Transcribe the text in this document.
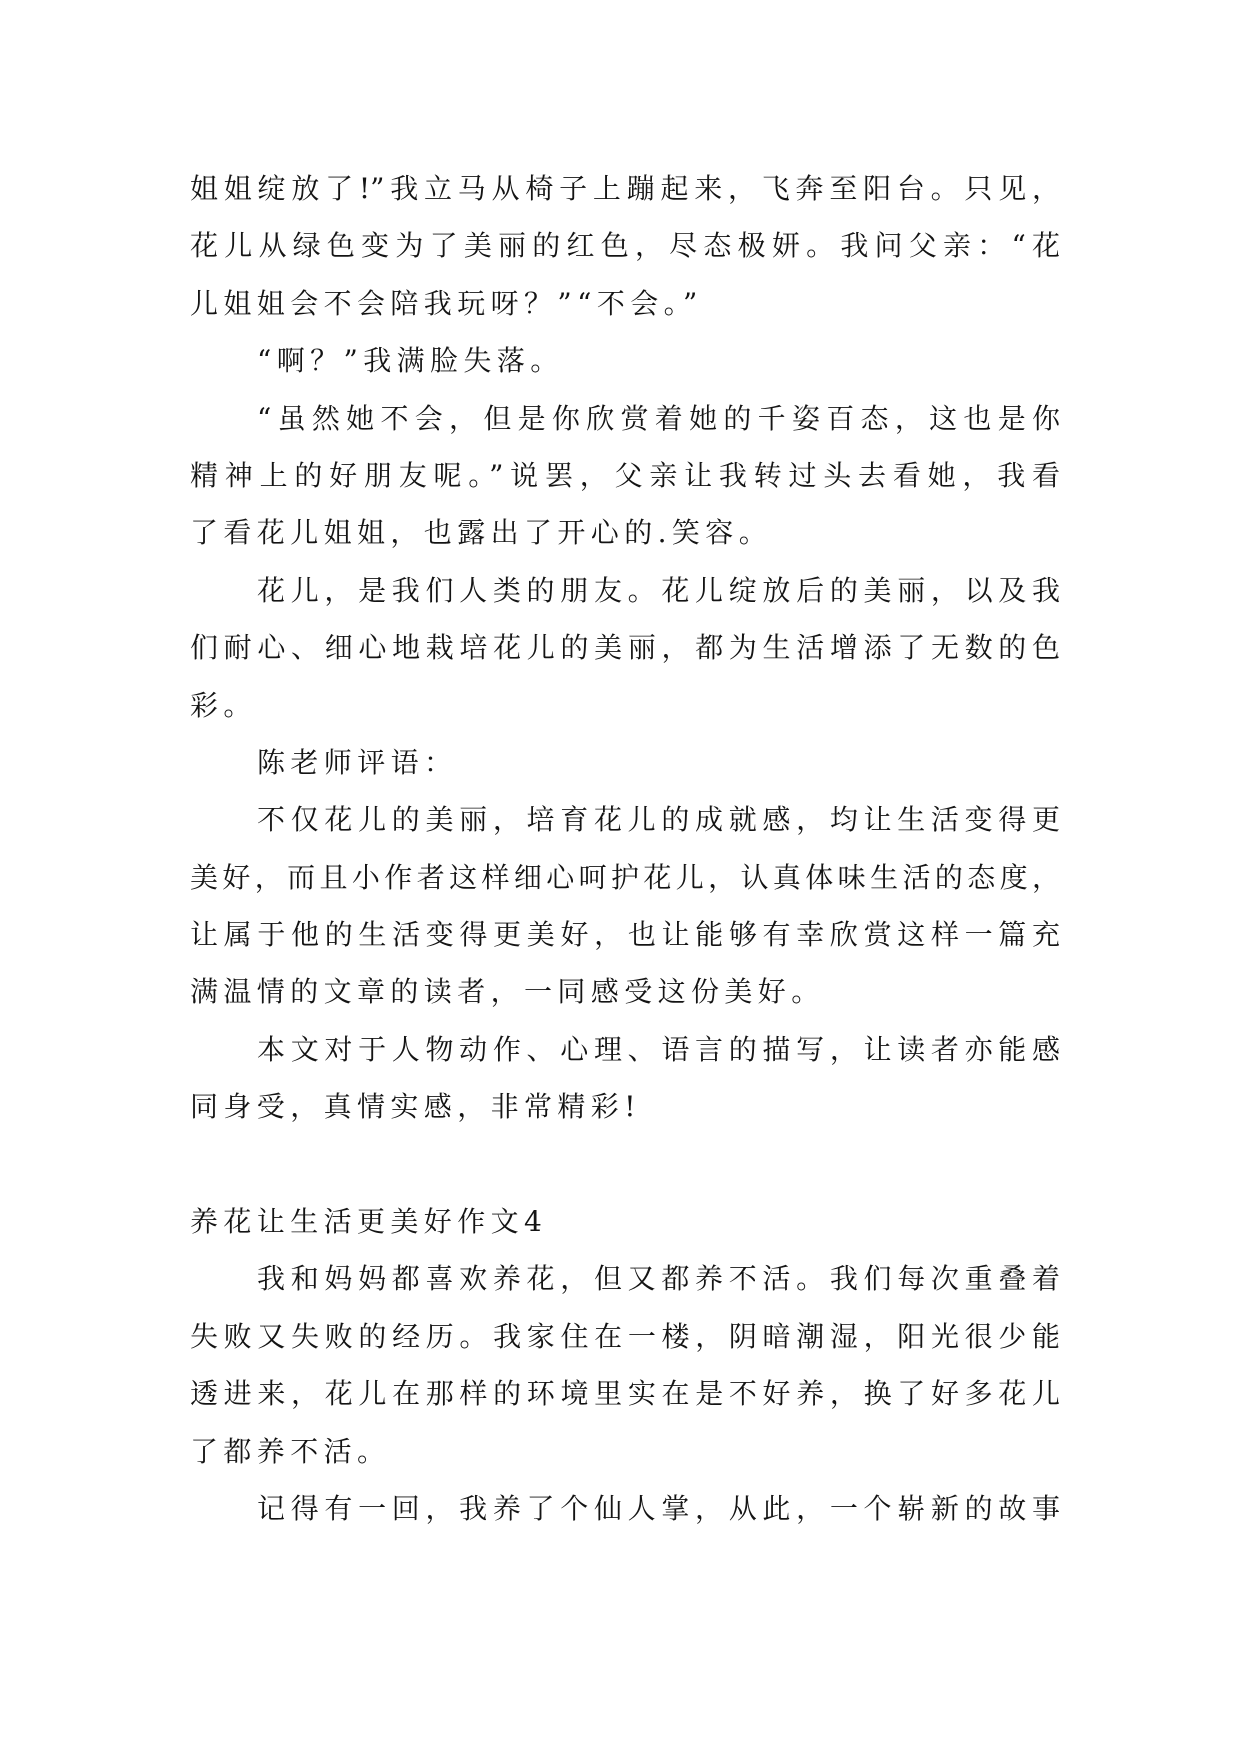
姐姐绽放了!”我立马从椅子上蹦起来，飞奔至阳台。只见，
花儿从绿色变为了美丽的红色，尽态极妍。我问父亲：“花
儿姐姐会不会陪我玩呀？”“不会。”
“啊？”我满脸失落。
“虽然她不会，但是你欣赏着她的千姿百态，这也是你
精神上的好朋友呢。”说罢，父亲让我转过头去看她，我看
了看花儿姐姐，也露出了开心的.笑容。
花儿，是我们人类的朋友。花儿绽放后的美丽，以及我
们耐心、细心地栽培花儿的美丽，都为生活增添了无数的色
彩。
陈老师评语：
不仅花儿的美丽，培育花儿的成就感，均让生活变得更
美好，而且小作者这样细心呵护花儿，认真体味生活的态度，
让属于他的生活变得更美好，也让能够有幸欣赏这样一篇充
满温情的文章的读者，一同感受这份美好。
本文对于人物动作、心理、语言的描写，让读者亦能感
同身受，真情实感，非常精彩!
养花让生活更美好作文4
我和妈妈都喜欢养花，但又都养不活。我们每次重叠着
失败又失败的经历。我家住在一楼，阴暗潮湿，阳光很少能
透进来，花儿在那样的环境里实在是不好养，换了好多花儿
了都养不活。
记得有一回，我养了个仙人掌，从此，一个崭新的故事
